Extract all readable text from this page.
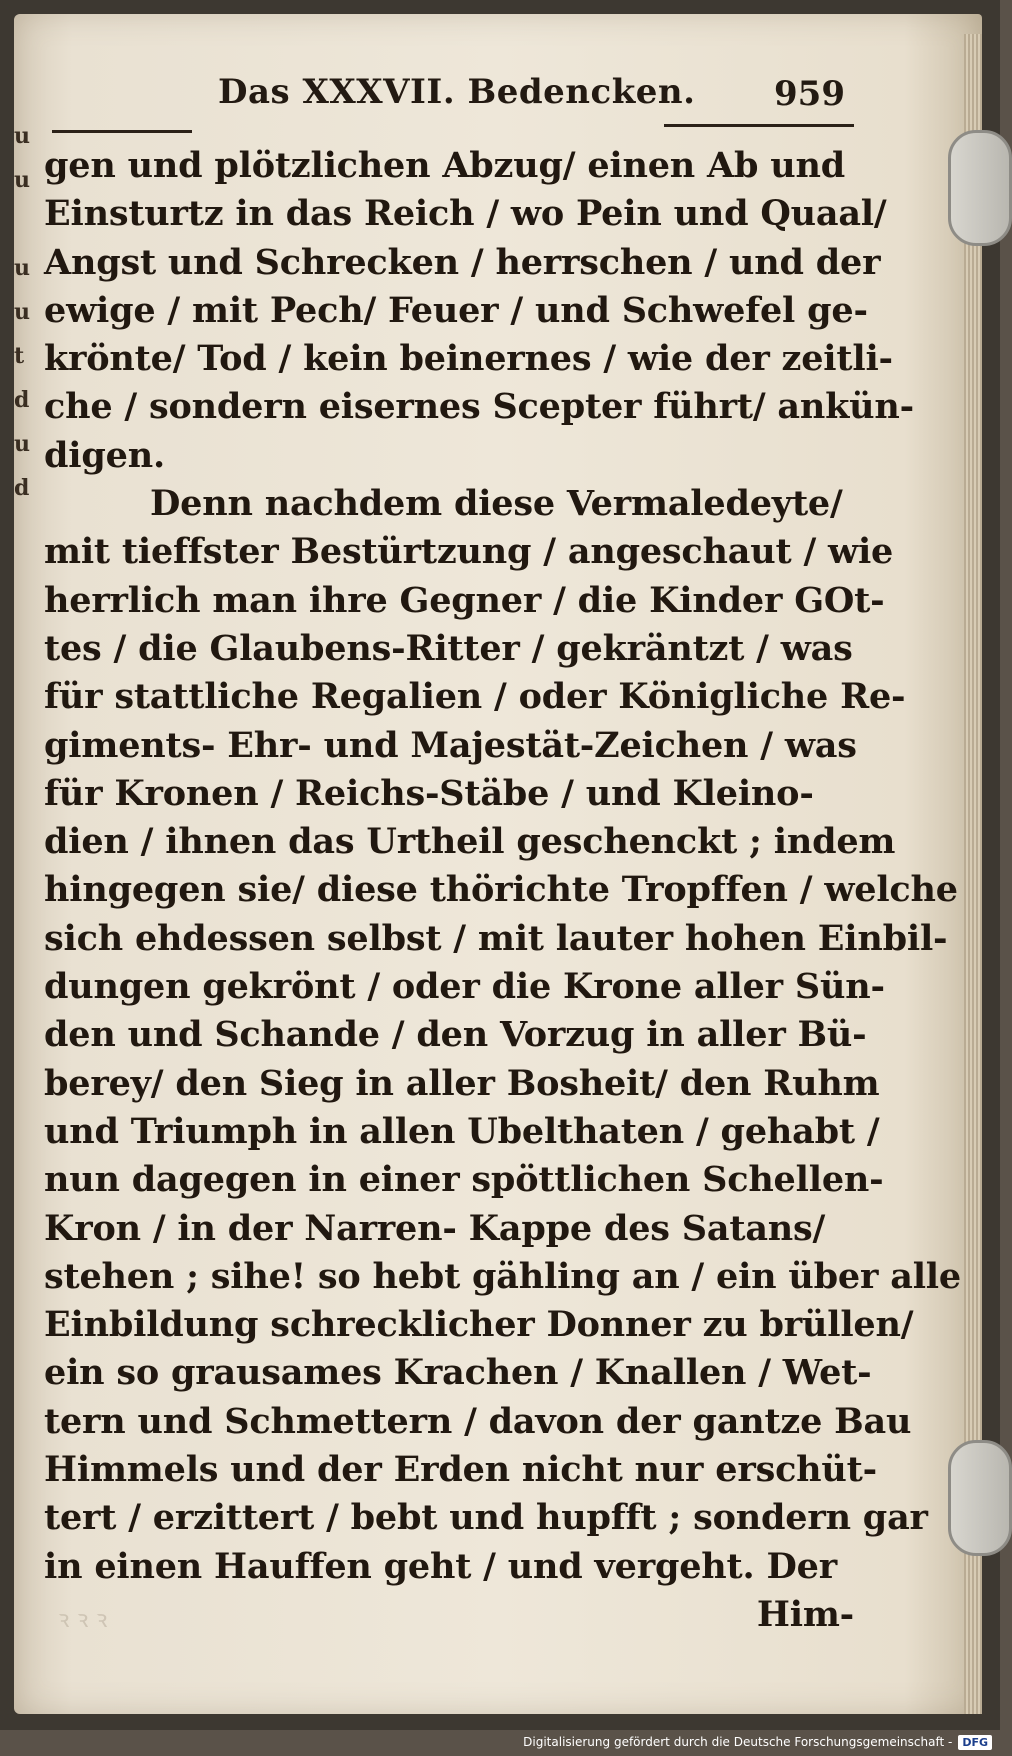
u
u

u
u
t
d
u
d
Das XXXVII. Bedencken. 959
gen und plötzlichen Abzug/ einen Ab und
Einsturtz in das Reich / wo Pein und Quaal/
Angst und Schrecken / herrschen / und der
ewige / mit Pech/ Feuer / und Schwefel ge-
krönte/ Tod / kein beinernes / wie der zeitli-
che / sondern eisernes Scepter führt/ ankün-
digen.
Denn nachdem diese Vermaledeyte/
mit tieffster Bestürtzung / angeschaut / wie
herrlich man ihre Gegner / die Kinder GOt-
tes / die Glaubens-Ritter / gekräntzt / was
für stattliche Regalien / oder Königliche Re-
giments- Ehr- und Majestät-Zeichen / was
für Kronen / Reichs-Stäbe / und Kleino-
dien / ihnen das Urtheil geschenckt ; indem
hingegen sie/ diese thörichte Tropffen / welche
sich ehdessen selbst / mit lauter hohen Einbil-
dungen gekrönt / oder die Krone aller Sün-
den und Schande / den Vorzug in aller Bü-
berey/ den Sieg in aller Bosheit/ den Ruhm
und Triumph in allen Ubelthaten / gehabt /
nun dagegen in einer spöttlichen Schellen-
Kron / in der Narren- Kappe des Satans/
stehen ; sihe! so hebt gähling an / ein über alle
Einbildung schrecklicher Donner zu brüllen/
ein so grausames Krachen / Knallen / Wet-
tern und Schmettern / davon der gantze Bau
Himmels und der Erden nicht nur erschüt-
tert / erzittert / bebt und hupfft ; sondern gar
in einen Hauffen geht / und vergeht. Der
Him-
ꝛ ꝛ ꝛ
Digitalisierung gefördert durch die Deutsche Forschungsgemeinschaft - DFG
